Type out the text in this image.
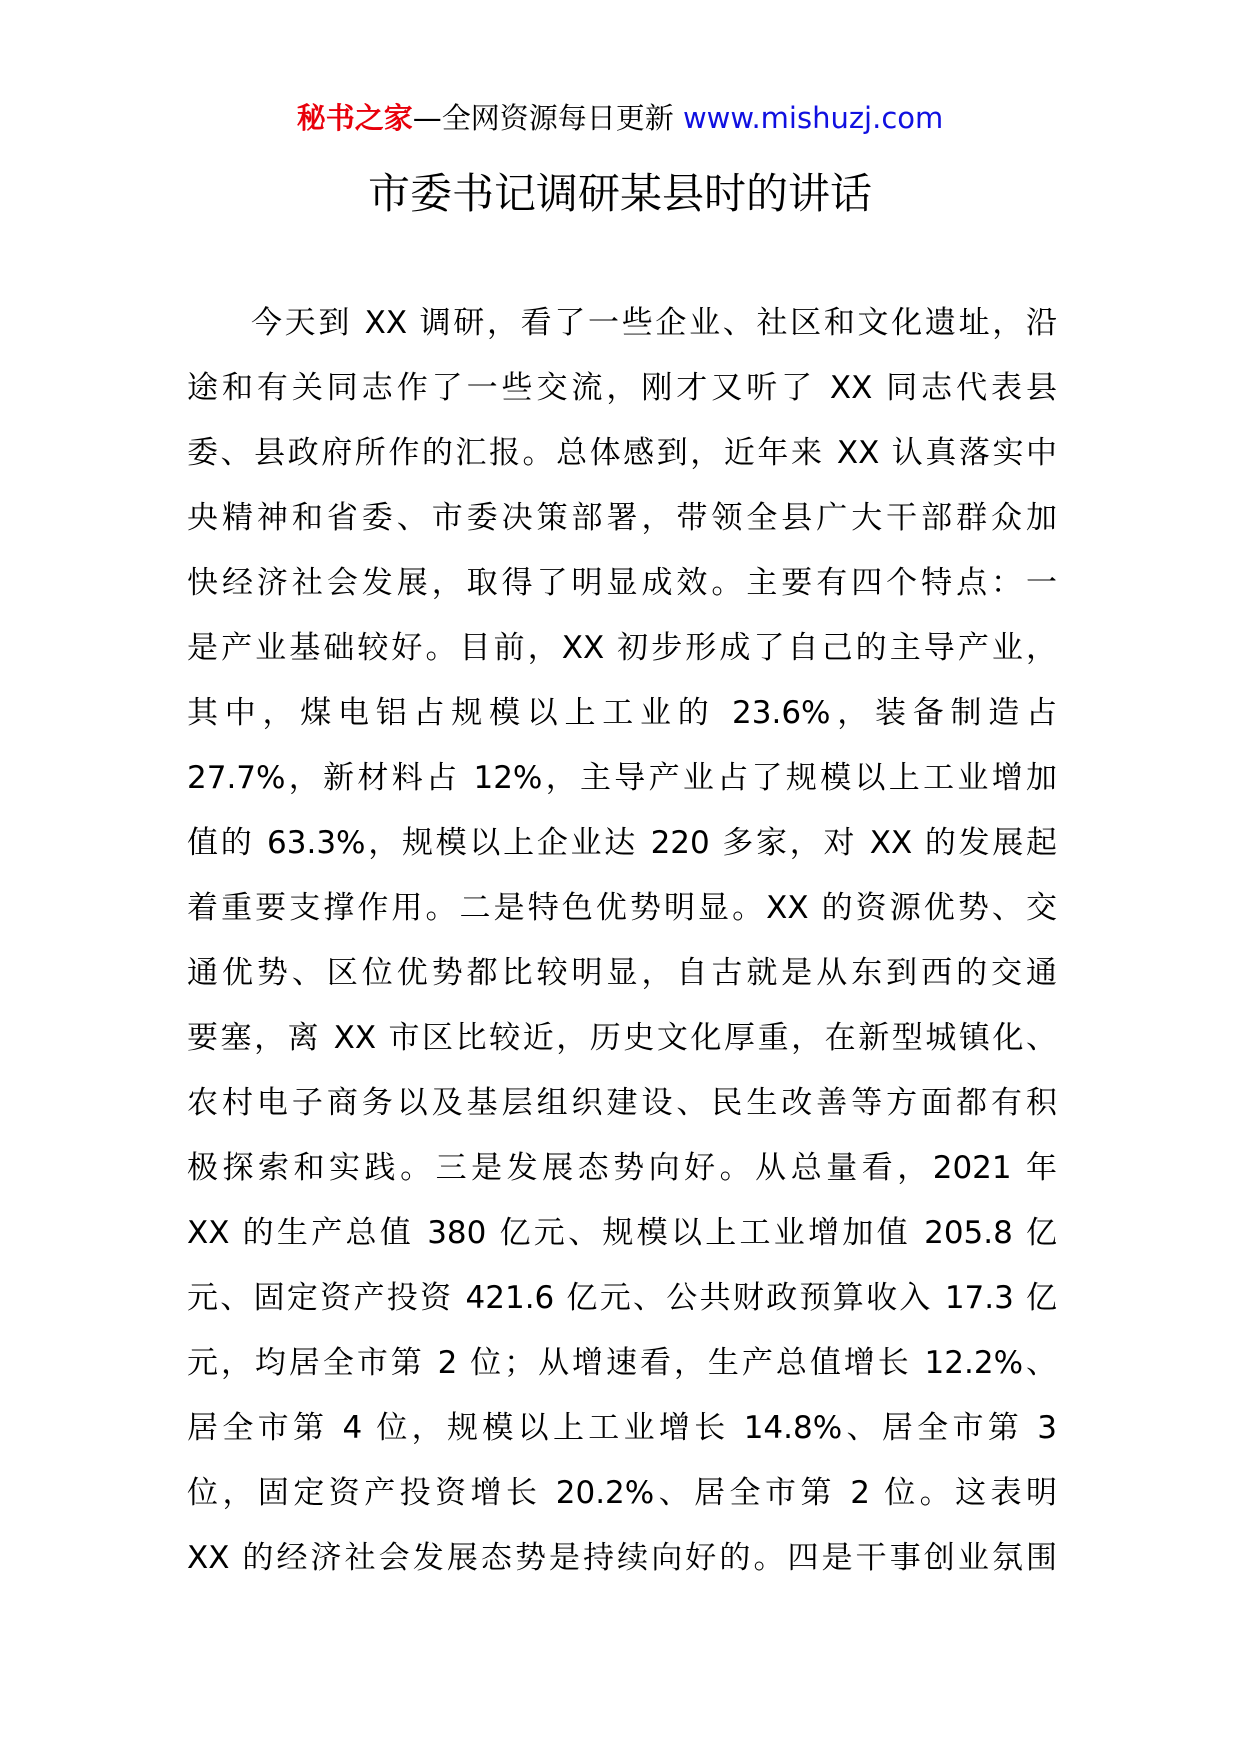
秘书之家—全网资源每日更新 www.mishuzj.com
市委书记调研某县时的讲话
今天到 XX 调研，看了一些企业、社区和文化遗址，沿
途和有关同志作了一些交流，刚才又听了 XX 同志代表县
委、县政府所作的汇报。总体感到，近年来 XX 认真落实中
央精神和省委、市委决策部署，带领全县广大干部群众加
快经济社会发展，取得了明显成效。主要有四个特点：一
是产业基础较好。目前，XX 初步形成了自己的主导产业，
其中，煤电铝占规模以上工业的 23.6%，装备制造占
27.7%，新材料占 12%，主导产业占了规模以上工业增加
值的 63.3%，规模以上企业达 220 多家，对 XX 的发展起
着重要支撑作用。二是特色优势明显。XX 的资源优势、交
通优势、区位优势都比较明显，自古就是从东到西的交通
要塞，离 XX 市区比较近，历史文化厚重，在新型城镇化、
农村电子商务以及基层组织建设、民生改善等方面都有积
极探索和实践。三是发展态势向好。从总量看，2021 年
XX 的生产总值 380 亿元、规模以上工业增加值 205.8 亿
元、固定资产投资 421.6 亿元、公共财政预算收入 17.3 亿
元，均居全市第 2 位；从增速看，生产总值增长 12.2%、
居全市第 4 位，规模以上工业增长 14.8%、居全市第 3
位，固定资产投资增长 20.2%、居全市第 2 位。这表明
XX 的经济社会发展态势是持续向好的。四是干事创业氛围
